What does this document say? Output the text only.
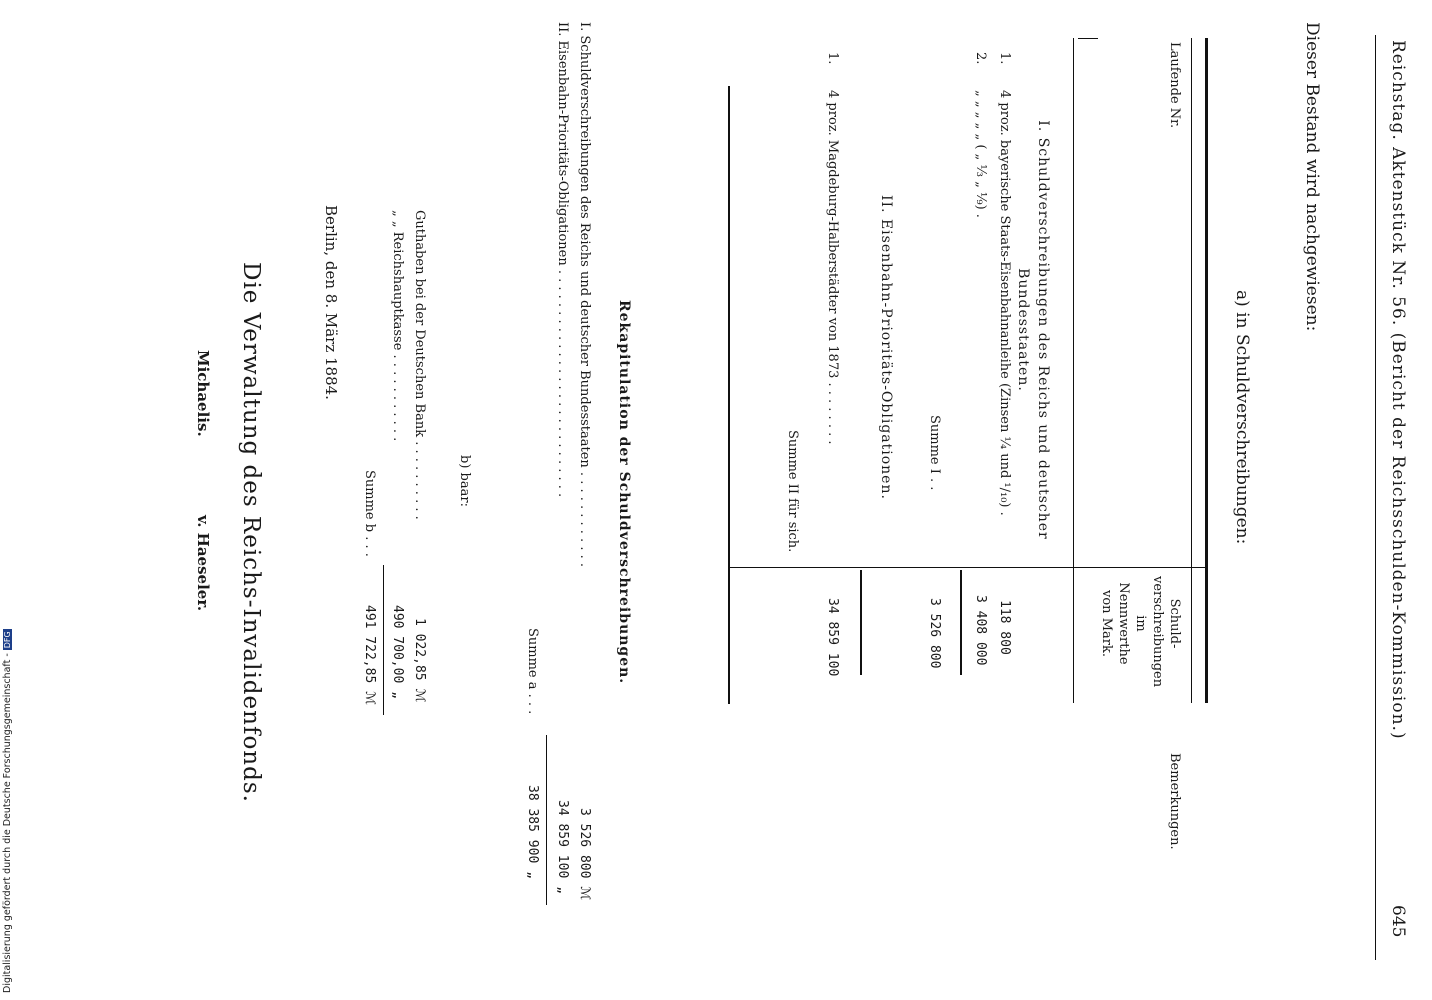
Reichstag. Aktenstück Nr. 56. (Bericht der Reichsschulden-Kommission.)
645
Dieser Bestand wird nachgewiesen:
a) in Schuldverschreibungen:
Laufende Nr.
Schuld- verschreibungen im Nennwerthe von Mark.
Bemerkungen.
I. Schuldverschreibungen des Reichs und deutscher Bundesstaaten.
1.
4 proz. bayerische Staats-Eisenbahnanleihe (Zinsen ¼ und ¹/₁₀) .
118 800
2.
„ „ „ „ „ ( „ ⅓ „ ⅑) .
3 408 000
Summe I . .
3 526 800
II. Eisenbahn-Prioritäts-Obligationen.
1.
4 proz. Magdeburg-Halberstädter von 1873 . . . . . . . .
34 859 100
Summe II für sich.
Rekapitulation der Schuldverschreibungen.
I. Schuldverschreibungen des Reichs und deutscher Bundesstaaten . . . . . . . . . . . .
3 526 800 ℳ
II. Eisenbahn-Prioritäts-Obligationen . . . . . . . . . . . . . . . . . . . . . . . . . . . .
34 859 100 „
Summe a . . .
38 385 900 „
b) baar:
Guthaben bei der Deutschen Bank . . . . . . . . . .
1 022,85 ℳ
„ „ Reichshauptkasse . . . . . . . . . . .
490 700,00 „
Summe b . . .
491 722,85 ℳ
Berlin, den 8. März 1884.
Die Verwaltung des Reichs-Invalidenfonds.
Michaelis.
v. Haeseler.
Digitalisierung gefördert durch die Deutsche Forschungsgemeinschaft -DFG
